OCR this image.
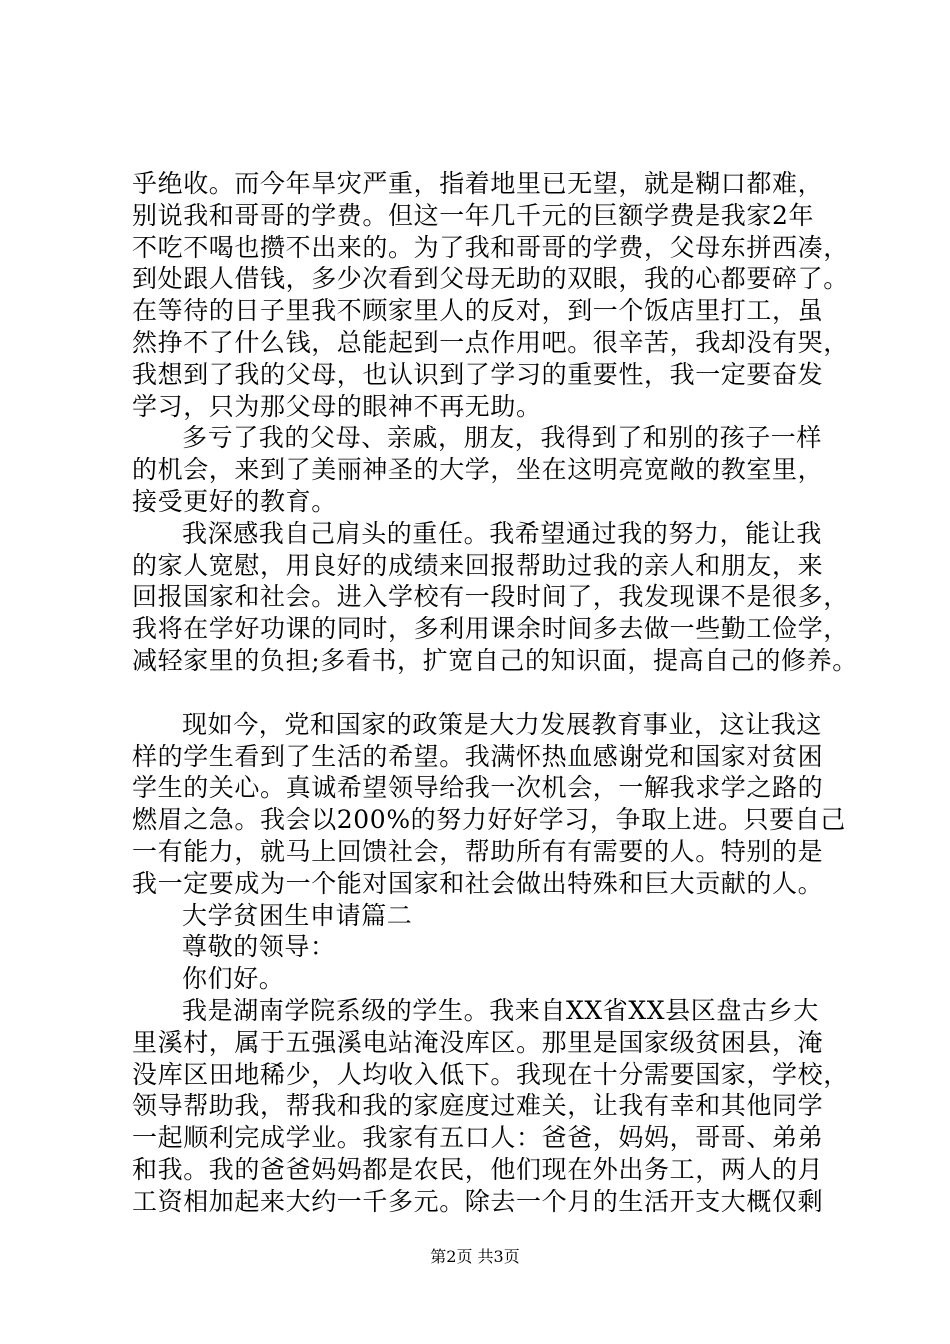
乎绝收。而今年旱灾严重，指着地里已无望，就是糊口都难，
别说我和哥哥的学费。但这一年几千元的巨额学费是我家2年
不吃不喝也攒不出来的。为了我和哥哥的学费，父母东拼西凑，
到处跟人借钱，多少次看到父母无助的双眼，我的心都要碎了。
在等待的日子里我不顾家里人的反对，到一个饭店里打工，虽
然挣不了什么钱，总能起到一点作用吧。很辛苦，我却没有哭，
我想到了我的父母，也认识到了学习的重要性，我一定要奋发
学习，只为那父母的眼神不再无助。
多亏了我的父母、亲戚，朋友，我得到了和别的孩子一样
的机会，来到了美丽神圣的大学，坐在这明亮宽敞的教室里，
接受更好的教育。
我深感我自己肩头的重任。我希望通过我的努力，能让我
的家人宽慰，用良好的成绩来回报帮助过我的亲人和朋友，来
回报国家和社会。进入学校有一段时间了，我发现课不是很多，
我将在学好功课的同时，多利用课余时间多去做一些勤工俭学，
减轻家里的负担;多看书，扩宽自己的知识面，提高自己的修养。
现如今，党和国家的政策是大力发展教育事业，这让我这
样的学生看到了生活的希望。我满怀热血感谢党和国家对贫困
学生的关心。真诚希望领导给我一次机会，一解我求学之路的
燃眉之急。我会以200%的努力好好学习，争取上进。只要自己
一有能力，就马上回馈社会，帮助所有有需要的人。特别的是
我一定要成为一个能对国家和社会做出特殊和巨大贡献的人。
大学贫困生申请篇二
尊敬的领导：
你们好。
我是湖南学院系级的学生。我来自XX省XX县区盘古乡大
里溪村，属于五强溪电站淹没库区。那里是国家级贫困县，淹
没库区田地稀少，人均收入低下。我现在十分需要国家，学校，
领导帮助我，帮我和我的家庭度过难关，让我有幸和其他同学
一起顺利完成学业。我家有五口人：爸爸，妈妈，哥哥、弟弟
和我。我的爸爸妈妈都是农民，他们现在外出务工，两人的月
工资相加起来大约一千多元。除去一个月的生活开支大概仅剩
第2页 共3页
